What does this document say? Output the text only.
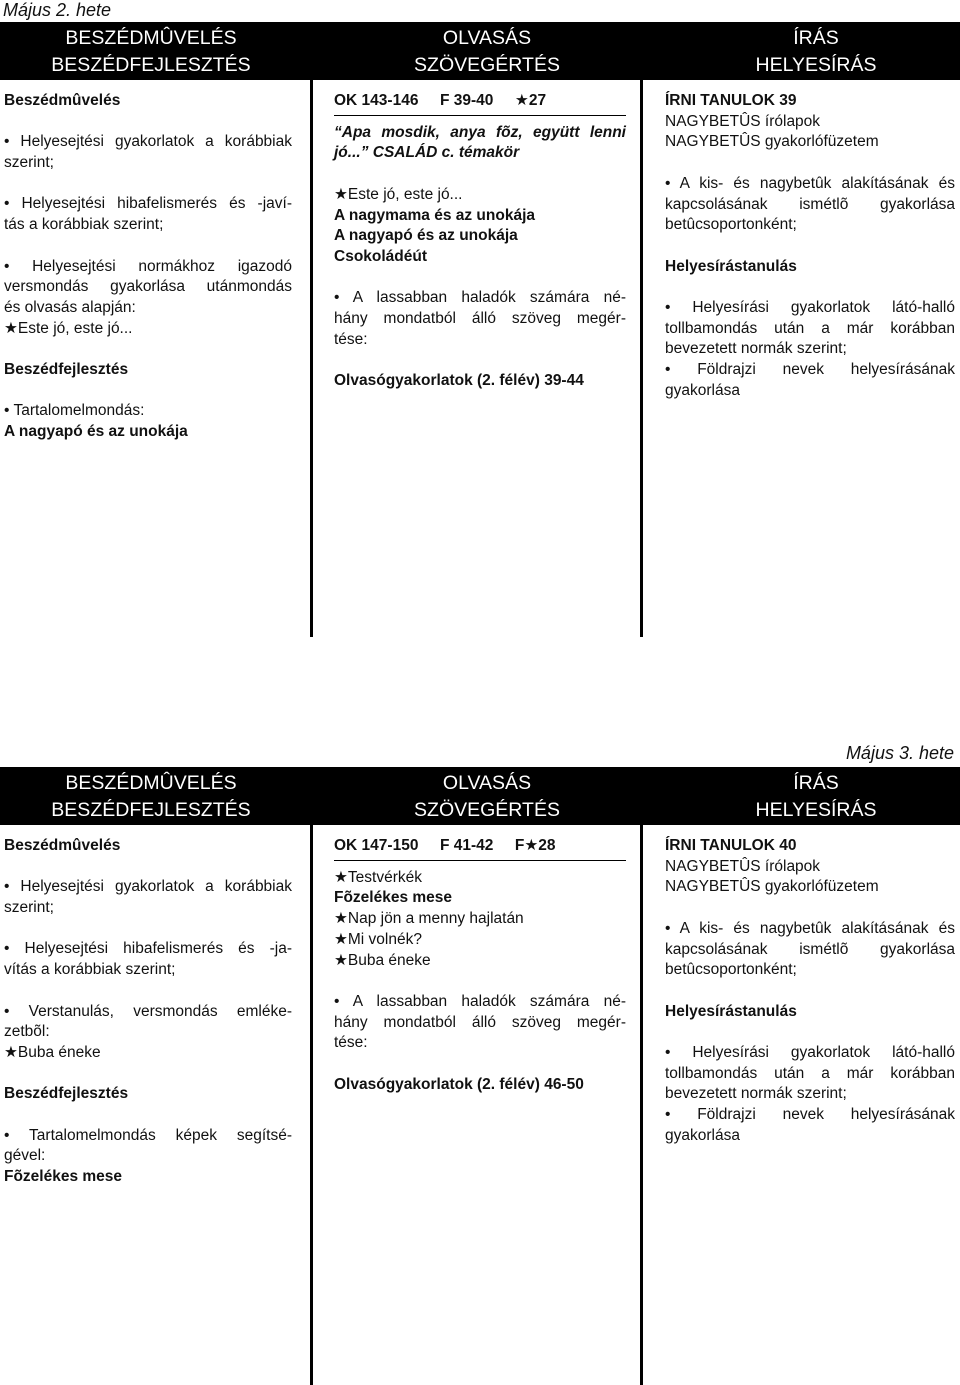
Május 2. hete
BESZÉDMÛVELÉS
BESZÉDFEJLESZTÉS
OLVASÁS
SZÖVEGÉRTÉS
ÍRÁS
HELYESÍRÁS

Beszédmûvelés

• Helyesejtési gyakorlatok a korábbiak

szerint;

• Helyesejtési hibafelismerés és -javí-

tás a korábbiak szerint;

• Helyesejtési normákhoz igazodó

versmondás gyakorlása utánmondás

és olvasás alapján:

★Este jó, este jó...

Beszédfejlesztés

• Tartalomelmondás:

A nagyapó és az unokája

OK 143-146     F 39-40     ★27

“Apa mosdik, anya fõz, együtt lenni

jó...” CSALÁD c. témakör

★Este jó, este jó...

A nagymama és az unokája

A nagyapó és az unokája

Csokoládéút

• A lassabban haladók számára né-

hány mondatból álló szöveg megér-

tése:

Olvasógyakorlatok (2. félév) 39-44

ÍRNI TANULOK 39

NAGYBETÛS írólapok

NAGYBETÛS gyakorlófüzetem

• A kis- és nagybetûk alakításának és

kapcsolásának ismétlõ gyakorlása

betûcsoportonként;

Helyesírástanulás

• Helyesírási gyakorlatok látó-halló

tollbamondás után a már korábban

bevezetett normák szerint;

• Földrajzi nevek helyesírásának

gyakorlása

Május 3. hete
BESZÉDMÛVELÉS
BESZÉDFEJLESZTÉS
OLVASÁS
SZÖVEGÉRTÉS
ÍRÁS
HELYESÍRÁS

Beszédmûvelés

• Helyesejtési gyakorlatok a korábbiak

szerint;

• Helyesejtési hibafelismerés és -ja-

vítás a korábbiak szerint;

• Verstanulás, versmondás emléke-

zetbõl:

★Buba éneke

Beszédfejlesztés

• Tartalomelmondás képek segítsé-

gével:

Fõzelékes mese

OK 147-150     F 41-42     F★28

★Testvérkék

Fõzelékes mese

★Nap jön a menny hajlatán

★Mi volnék?

★Buba éneke

• A lassabban haladók számára né-

hány mondatból álló szöveg megér-

tése:

Olvasógyakorlatok (2. félév) 46-50

ÍRNI TANULOK 40

NAGYBETÛS írólapok

NAGYBETÛS gyakorlófüzetem

• A kis- és nagybetûk alakításának és

kapcsolásának ismétlõ gyakorlása

betûcsoportonként;

Helyesírástanulás

• Helyesírási gyakorlatok látó-halló

tollbamondás után a már korábban

bevezetett normák szerint;

• Földrajzi nevek helyesírásának

gyakorlása
